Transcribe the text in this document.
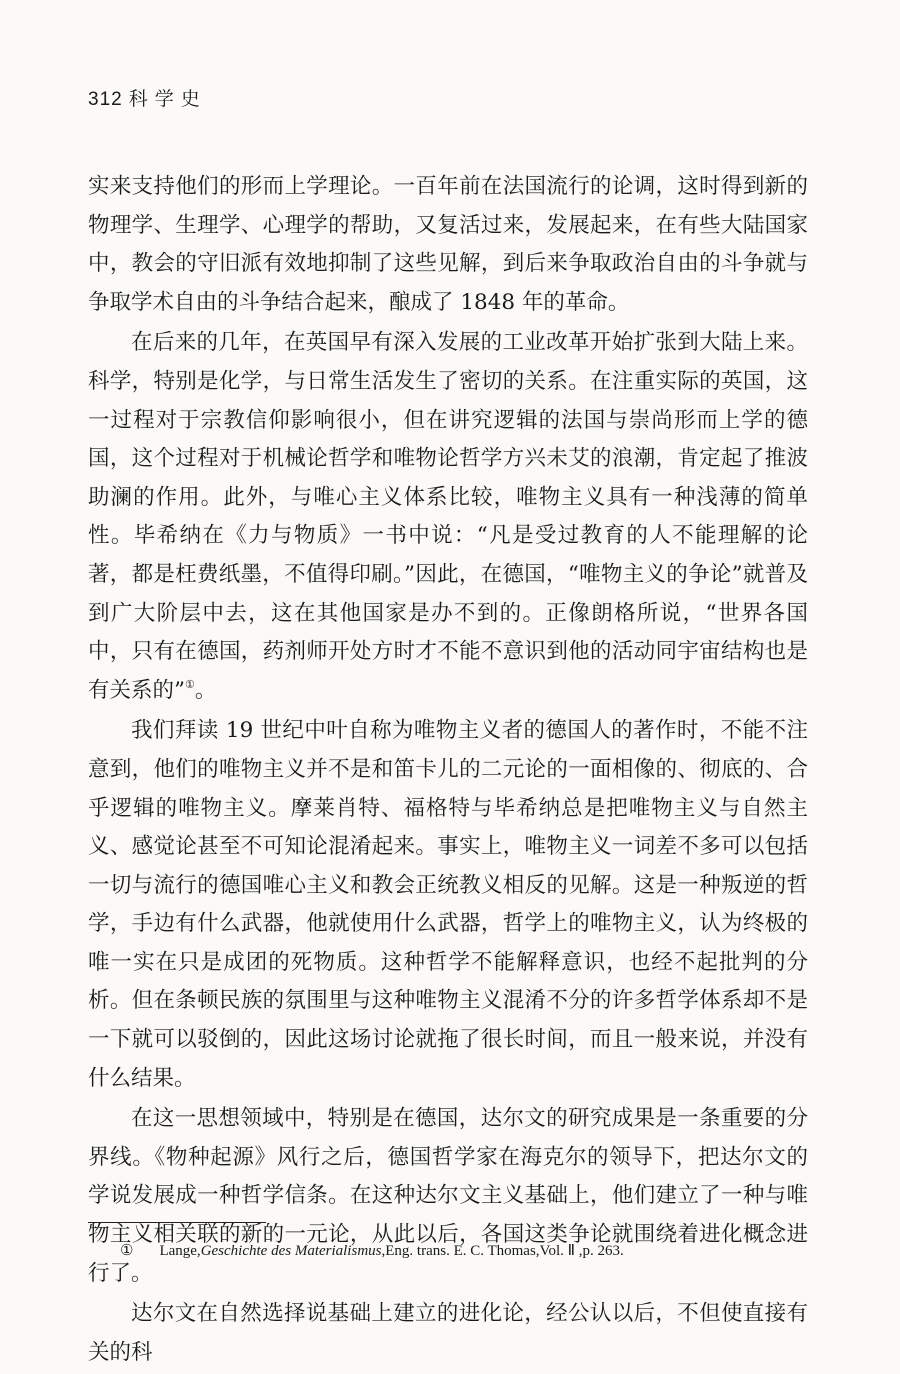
312 科学史

实来支持他们的形而上学理论。一百年前在法国流行的论调，这时得到新的物理学、生理学、心理学的帮助，又复活过来，发展起来，在有些大陆国家中，教会的守旧派有效地抑制了这些见解，到后来争取政治自由的斗争就与争取学术自由的斗争结合起来，酿成了 1848 年的革命。

在后来的几年，在英国早有深入发展的工业改革开始扩张到大陆上来。科学，特别是化学，与日常生活发生了密切的关系。在注重实际的英国，这一过程对于宗教信仰影响很小，但在讲究逻辑的法国与崇尚形而上学的德国，这个过程对于机械论哲学和唯物论哲学方兴未艾的浪潮，肯定起了推波助澜的作用。此外，与唯心主义体系比较，唯物主义具有一种浅薄的简单性。毕希纳在《力与物质》一书中说：“凡是受过教育的人不能理解的论著，都是枉费纸墨，不值得印刷。”因此，在德国，“唯物主义的争论”就普及到广大阶层中去，这在其他国家是办不到的。正像朗格所说，“世界各国中，只有在德国，药剂师开处方时才不能不意识到他的活动同宇宙结构也是有关系的”①。

我们拜读 19 世纪中叶自称为唯物主义者的德国人的著作时，不能不注意到，他们的唯物主义并不是和笛卡儿的二元论的一面相像的、彻底的、合乎逻辑的唯物主义。摩莱肖特、福格特与毕希纳总是把唯物主义与自然主义、感觉论甚至不可知论混淆起来。事实上，唯物主义一词差不多可以包括一切与流行的德国唯心主义和教会正统教义相反的见解。这是一种叛逆的哲学，手边有什么武器，他就使用什么武器，哲学上的唯物主义，认为终极的唯一实在只是成团的死物质。这种哲学不能解释意识，也经不起批判的分析。但在条顿民族的氛围里与这种唯物主义混淆不分的许多哲学体系却不是一下就可以驳倒的，因此这场讨论就拖了很长时间，而且一般来说，并没有什么结果。

在这一思想领域中，特别是在德国，达尔文的研究成果是一条重要的分界线。《物种起源》风行之后，德国哲学家在海克尔的领导下，把达尔文的学说发展成一种哲学信条。在这种达尔文主义基础上，他们建立了一种与唯物主义相关联的新的一元论，从此以后，各国这类争论就围绕着进化概念进行了。

达尔文在自然选择说基础上建立的进化论，经公认以后，不但使直接有关的科

① Lange,Geschichte des Materialismus,Eng. trans. E. C. Thomas,Vol. Ⅱ ,p. 263.
